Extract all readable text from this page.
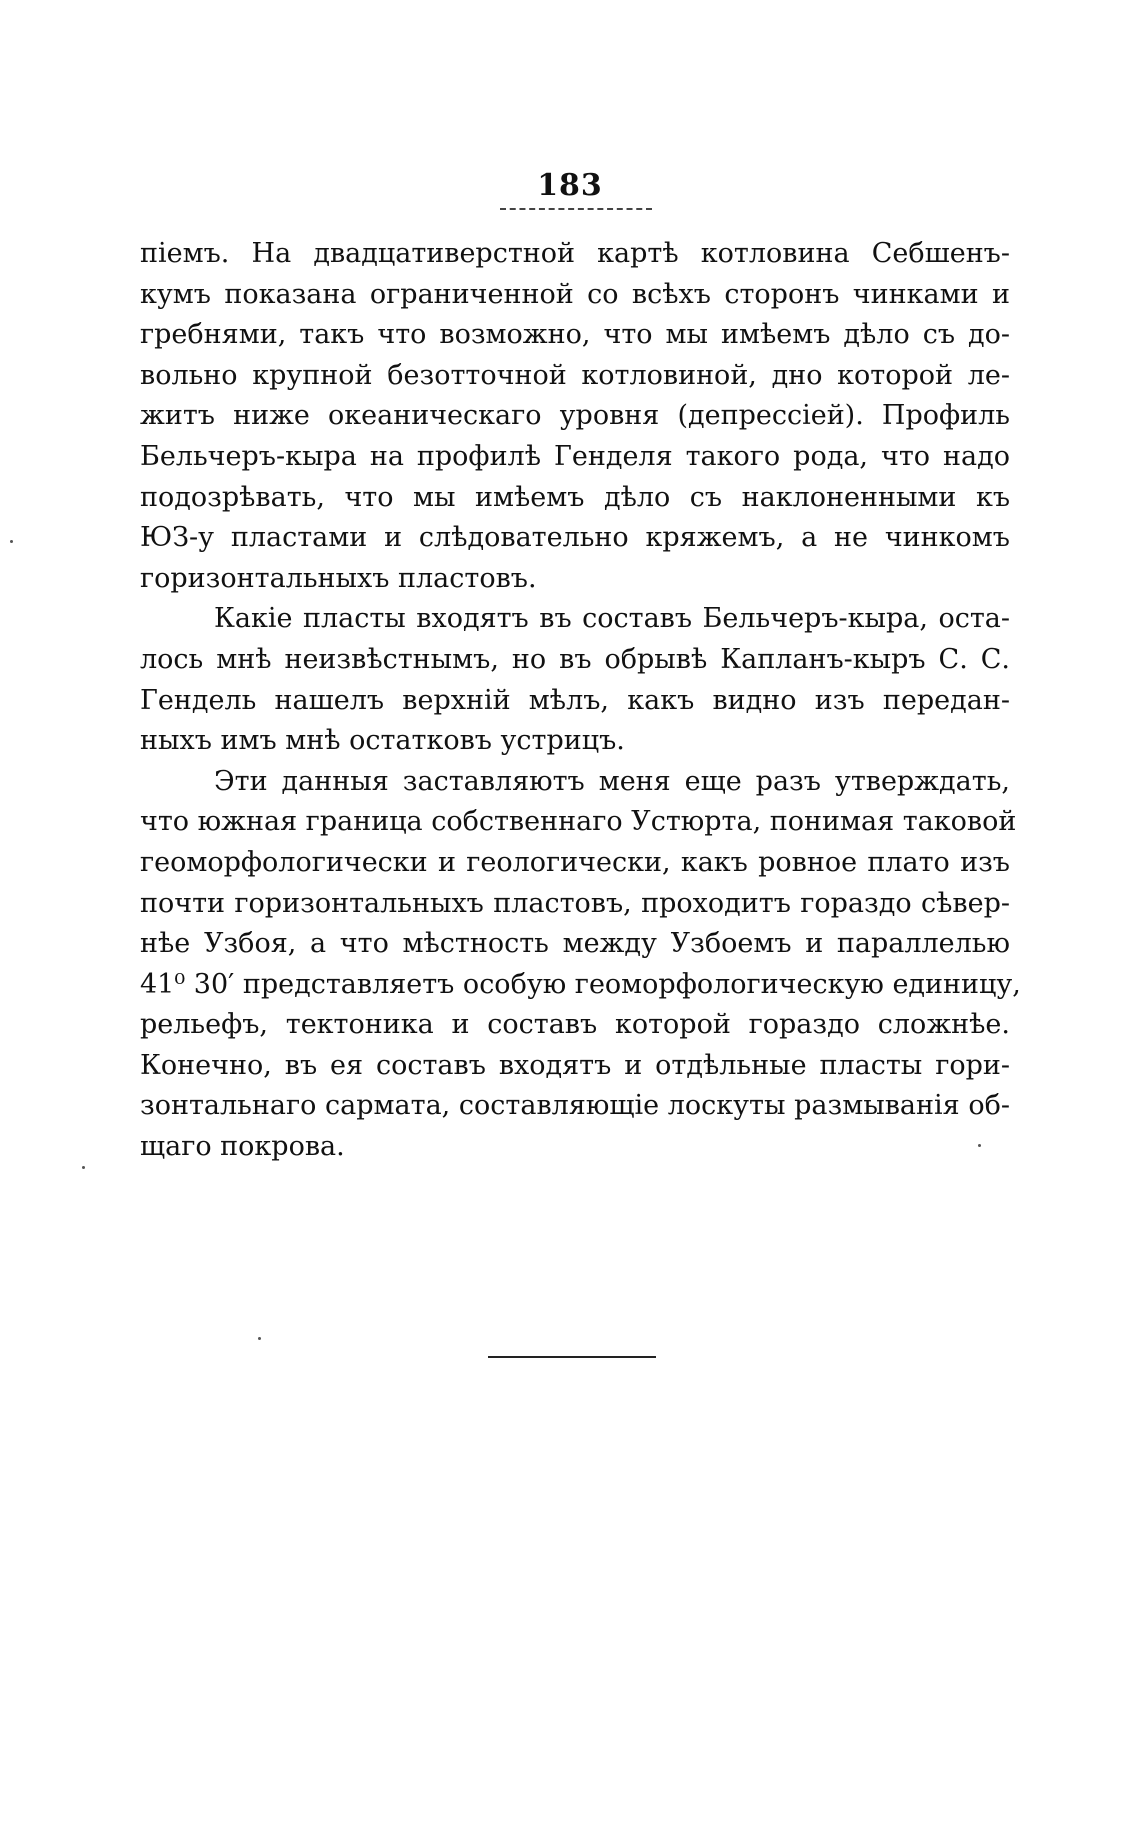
183
піемъ. На двадцативерстной картѣ котловина Себшенъ-
кумъ показана ограниченной со всѣхъ сторонъ чинками и
гребнями, такъ что возможно, что мы имѣемъ дѣло съ до-
вольно крупной безотточной котловиной, дно которой ле-
житъ ниже океаническаго уровня (депрессіей). Профиль
Бельчеръ-кыра на профилѣ Генделя такого рода, что надо
подозрѣвать, что мы имѣемъ дѣло съ наклоненными къ
ЮЗ-у пластами и слѣдовательно кряжемъ, а не чинкомъ
горизонтальныхъ пластовъ.
Какіе пласты входятъ въ составъ Бельчеръ-кыра, оста-
лось мнѣ неизвѣстнымъ, но въ обрывѣ Капланъ-кыръ С. С.
Гендель нашелъ верхній мѣлъ, какъ видно изъ передан-
ныхъ имъ мнѣ остатковъ устрицъ.
Эти данныя заставляютъ меня еще разъ утверждать,
что южная граница собственнаго Устюрта, понимая таковой
геоморфологически и геологически, какъ ровное плато изъ
почти горизонтальныхъ пластовъ, проходитъ гораздо сѣвер-
нѣе Узбоя, а что мѣстность между Узбоемъ и параллелью
41⁰ 30′ представляетъ особую геоморфологическую единицу,
рельефъ, тектоника и составъ которой гораздо сложнѣе.
Конечно, въ ея составъ входятъ и отдѣльные пласты гори-
зонтальнаго сармата, составляющіе лоскуты размыванія об-
щаго покрова.
